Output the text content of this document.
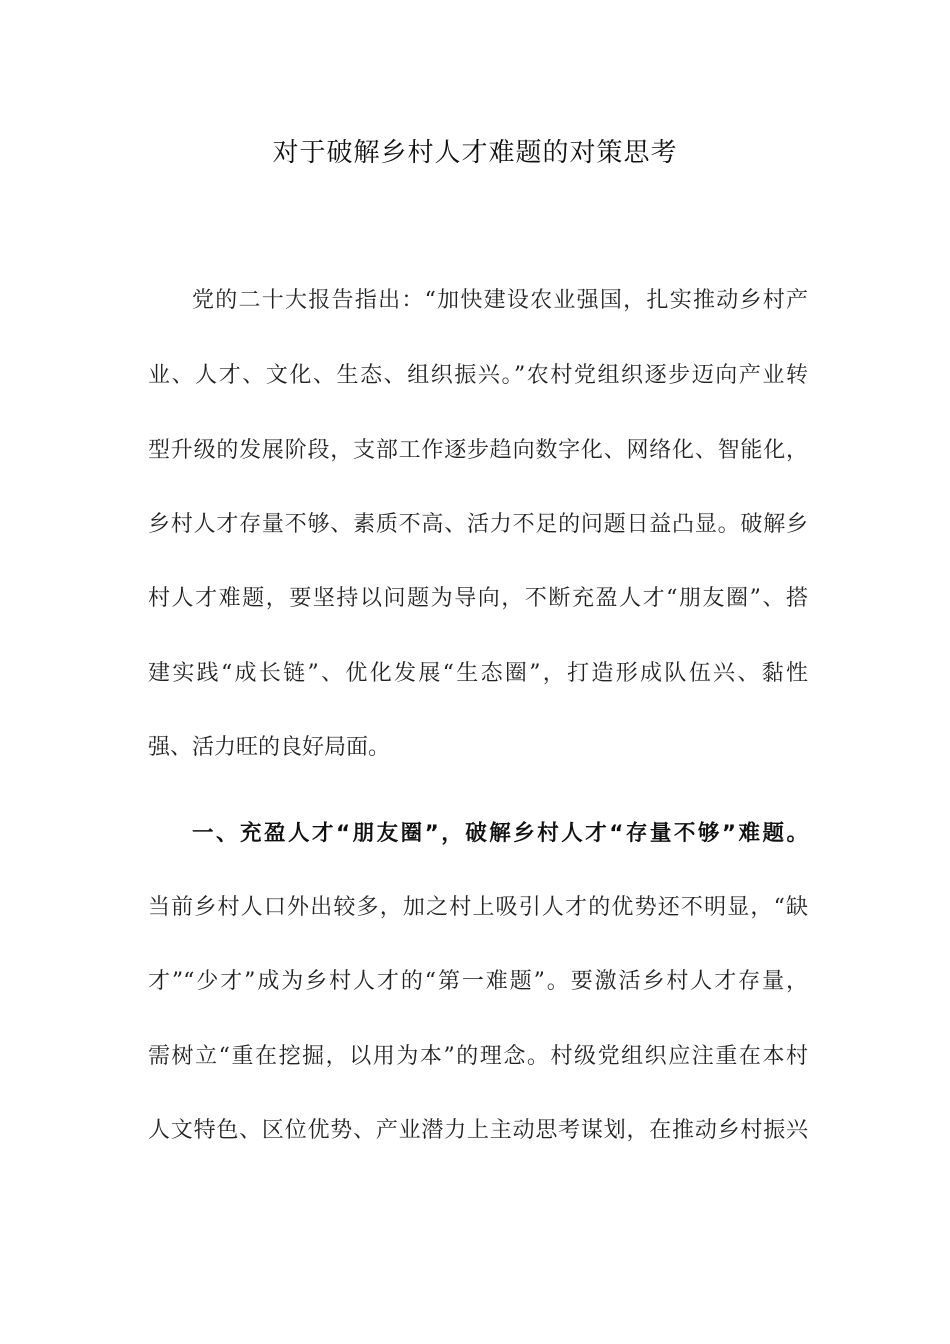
对于破解乡村人才难题的对策思考
党的二十大报告指出：“加快建设农业强国，扎实推动乡村产
业、人才、文化、生态、组织振兴。”农村党组织逐步迈向产业转
型升级的发展阶段，支部工作逐步趋向数字化、网络化、智能化，
乡村人才存量不够、素质不高、活力不足的问题日益凸显。破解乡
村人才难题，要坚持以问题为导向，不断充盈人才“朋友圈”、搭
建实践“成长链”、优化发展“生态圈”，打造形成队伍兴、黏性
强、活力旺的良好局面。
一、充盈人才“朋友圈”，破解乡村人才“存量不够”难题。
当前乡村人口外出较多，加之村上吸引人才的优势还不明显，“缺
才”“少才”成为乡村人才的“第一难题”。要激活乡村人才存量，
需树立“重在挖掘，以用为本”的理念。村级党组织应注重在本村
人文特色、区位优势、产业潜力上主动思考谋划，在推动乡村振兴
